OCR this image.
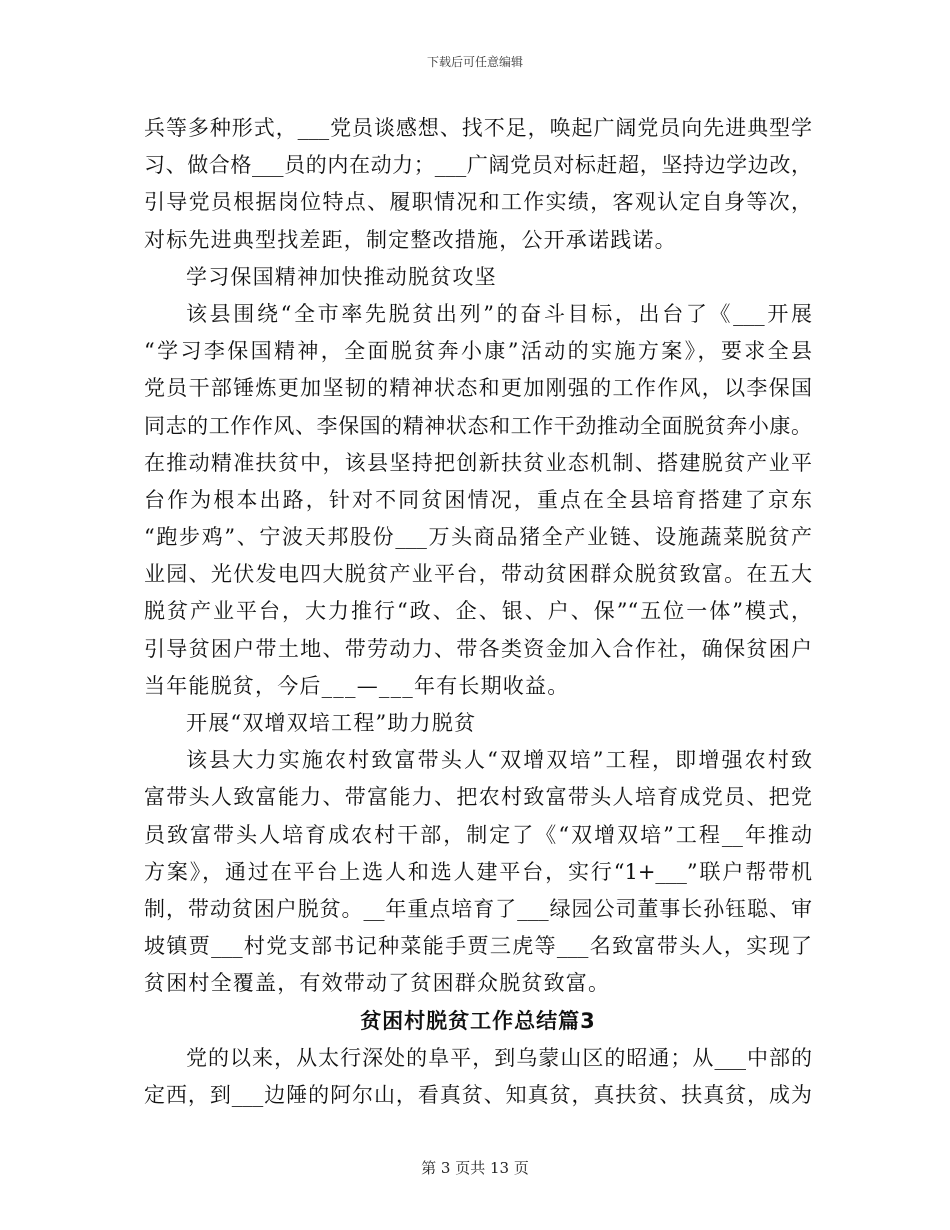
下载后可任意编辑
兵等多种形式，___党员谈感想、找不足，唤起广阔党员向先进典型学
习、做合格___员的内在动力；___广阔党员对标赶超，坚持边学边改，
引导党员根据岗位特点、履职情况和工作实绩，客观认定自身等次，
对标先进典型找差距，制定整改措施，公开承诺践诺。
学习保国精神加快推动脱贫攻坚
该县围绕“全市率先脱贫出列”的奋斗目标，出台了《___开展
“学习李保国精神，全面脱贫奔小康”活动的实施方案》，要求全县
党员干部锤炼更加坚韧的精神状态和更加刚强的工作作风，以李保国
同志的工作作风、李保国的精神状态和工作干劲推动全面脱贫奔小康。
在推动精准扶贫中，该县坚持把创新扶贫业态机制、搭建脱贫产业平
台作为根本出路，针对不同贫困情况，重点在全县培育搭建了京东
“跑步鸡”、宁波天邦股份___万头商品猪全产业链、设施蔬菜脱贫产
业园、光伏发电四大脱贫产业平台，带动贫困群众脱贫致富。在五大
脱贫产业平台，大力推行“政、企、银、户、保”“五位一体”模式，
引导贫困户带土地、带劳动力、带各类资金加入合作社，确保贫困户
当年能脱贫，今后___—___年有长期收益。
开展“双增双培工程”助力脱贫
该县大力实施农村致富带头人“双增双培”工程，即增强农村致
富带头人致富能力、带富能力、把农村致富带头人培育成党员、把党
员致富带头人培育成农村干部，制定了《“双增双培”工程__年推动
方案》，通过在平台上选人和选人建平台，实行“1+___”联户帮带机
制，带动贫困户脱贫。__年重点培育了___绿园公司董事长孙钰聪、审
坡镇贾___村党支部书记种菜能手贾三虎等___名致富带头人，实现了
贫困村全覆盖，有效带动了贫困群众脱贫致富。
贫困村脱贫工作总结篇3
党的以来，从太行深处的阜平，到乌蒙山区的昭通；从___中部的
定西，到___边陲的阿尔山，看真贫、知真贫，真扶贫、扶真贫，成为
第 3 页共 13 页
